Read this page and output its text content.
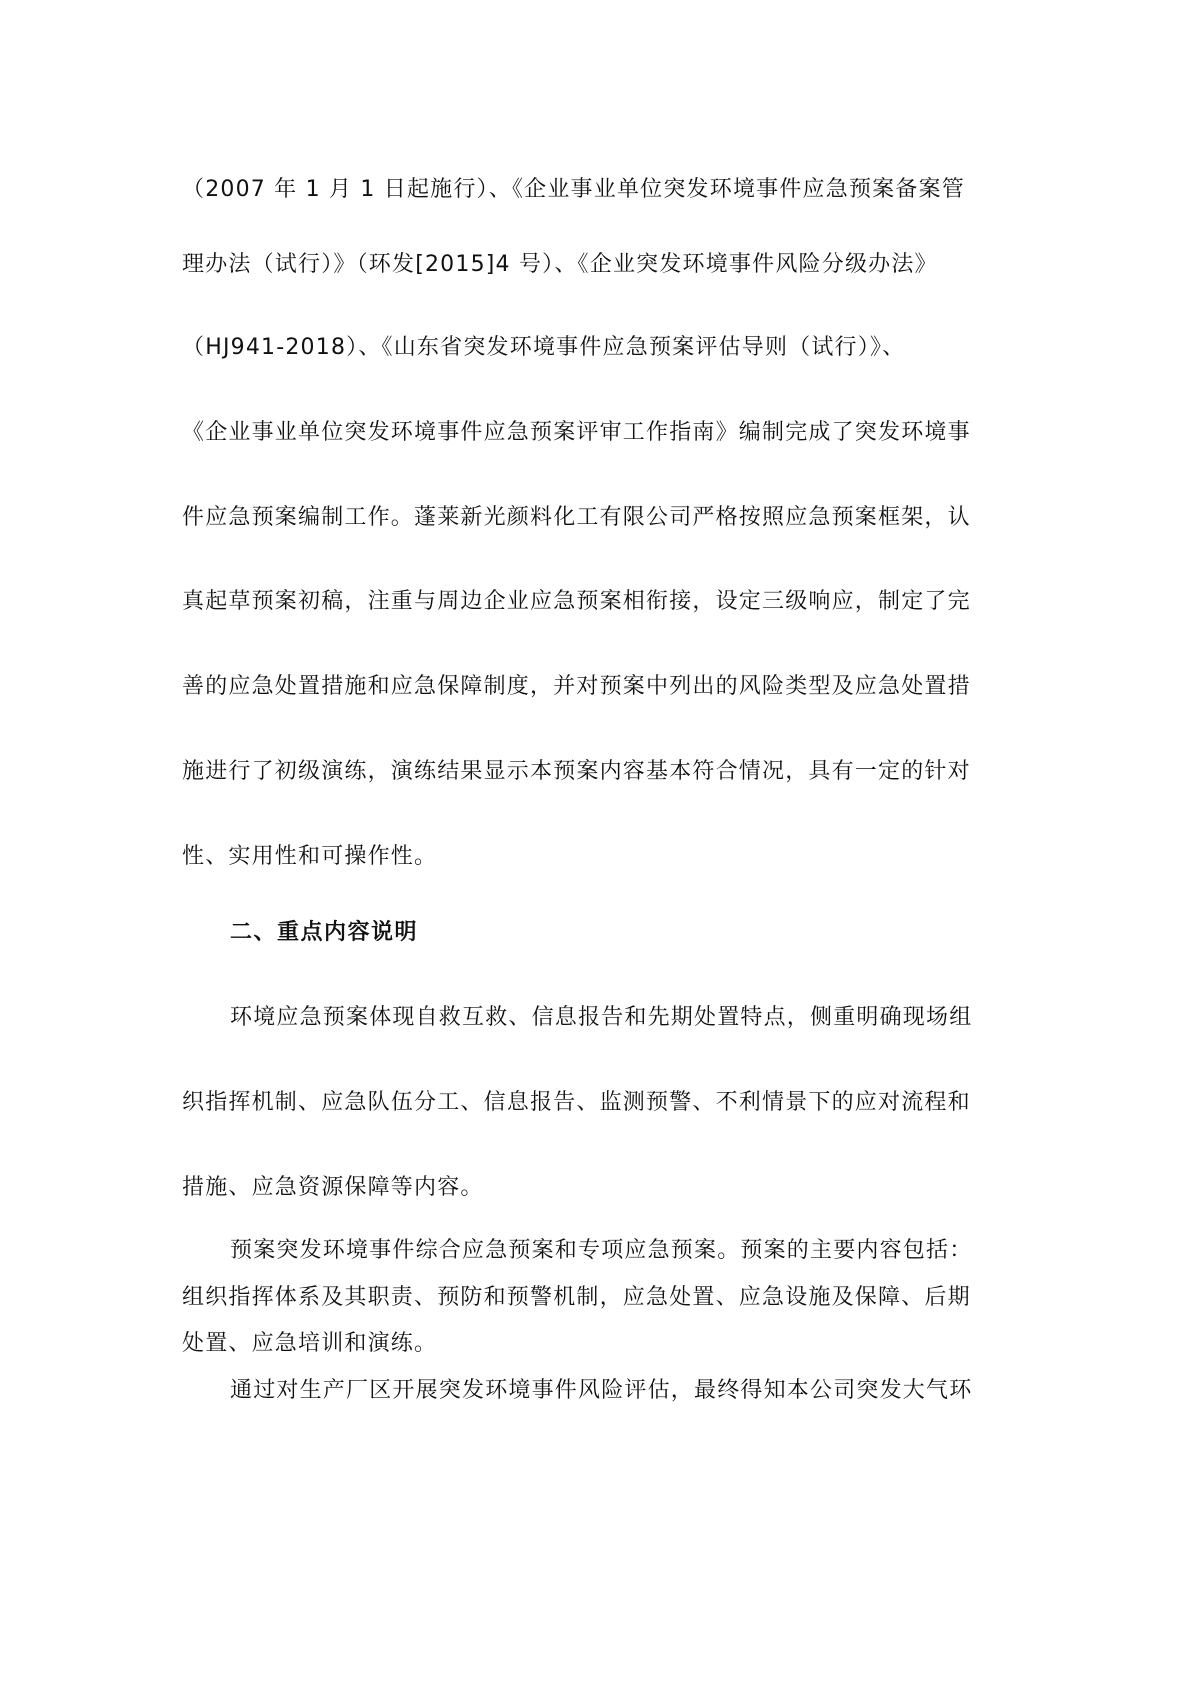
（2007 年 1 月 1 日起施行）、《企业事业单位突发环境事件应急预案备案管

理办法（试行）》（环发[2015]4 号）、《企业突发环境事件风险分级办法》

（HJ941-2018）、《山东省突发环境事件应急预案评估导则（试行）》、

《企业事业单位突发环境事件应急预案评审工作指南》编制完成了突发环境事

件应急预案编制工作。蓬莱新光颜料化工有限公司严格按照应急预案框架，认

真起草预案初稿，注重与周边企业应急预案相衔接，设定三级响应，制定了完

善的应急处置措施和应急保障制度，并对预案中列出的风险类型及应急处置措

施进行了初级演练，演练结果显示本预案内容基本符合情况，具有一定的针对

性、实用性和可操作性。

二、重点内容说明

环境应急预案体现自救互救、信息报告和先期处置特点，侧重明确现场组

织指挥机制、应急队伍分工、信息报告、监测预警、不利情景下的应对流程和

措施、应急资源保障等内容。

预案突发环境事件综合应急预案和专项应急预案。预案的主要内容包括：

组织指挥体系及其职责、预防和预警机制，应急处置、应急设施及保障、后期

处置、应急培训和演练。

通过对生产厂区开展突发环境事件风险评估，最终得知本公司突发大气环
